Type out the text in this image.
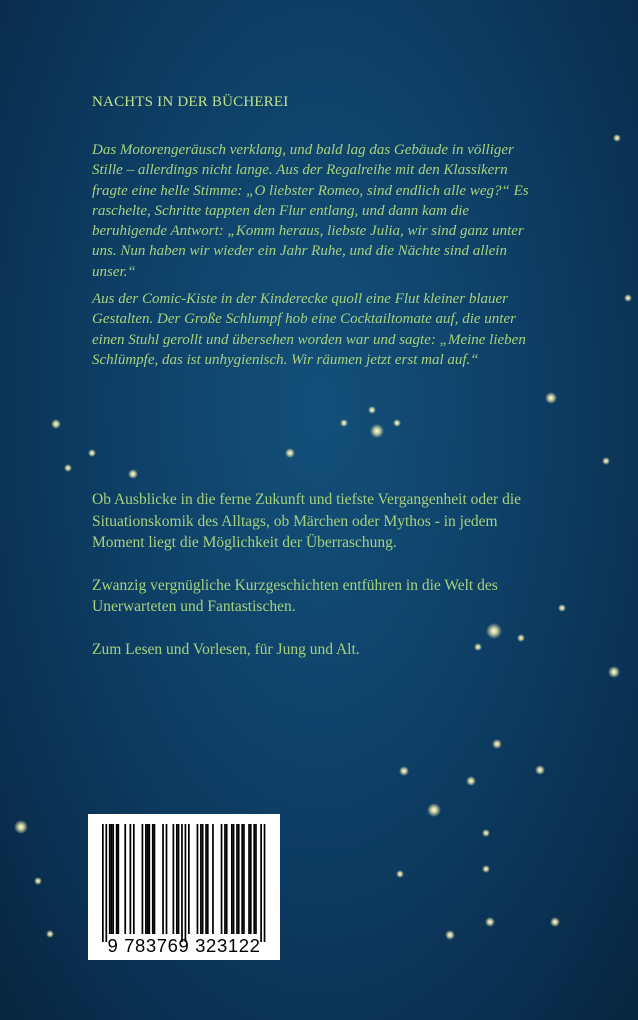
NACHTS IN DER BÜCHEREI

Das Motorengeräusch verklang, und bald lag das Gebäude in völliger Stille – allerdings nicht lange. Aus der Regalreihe mit den Klassikern fragte eine helle Stimme: „O liebster Romeo, sind endlich alle weg?“ Es raschelte, Schritte tappten den Flur entlang, und dann kam die beruhigende Antwort: „Komm heraus, liebste Julia, wir sind ganz unter uns. Nun haben wir wieder ein Jahr Ruhe, und die Nächte sind allein unser.“

Aus der Comic-Kiste in der Kinderecke quoll eine Flut kleiner blauer Gestalten. Der Große Schlumpf hob eine Cocktailtomate auf, die unter einen Stuhl gerollt und übersehen worden war und sagte: „Meine lieben Schlümpfe, das ist unhygienisch. Wir räumen jetzt erst mal auf.“

Ob Ausblicke in die ferne Zukunft und tiefste Vergangenheit oder die Situationskomik des Alltags, ob Märchen oder Mythos - in jedem Moment liegt die Möglichkeit der Überraschung.

Zwanzig vergnügliche Kurzgeschichten entführen in die Welt des Unerwarteten und Fantastischen.

Zum Lesen und Vorlesen, für Jung und Alt.

9 783769 323122
